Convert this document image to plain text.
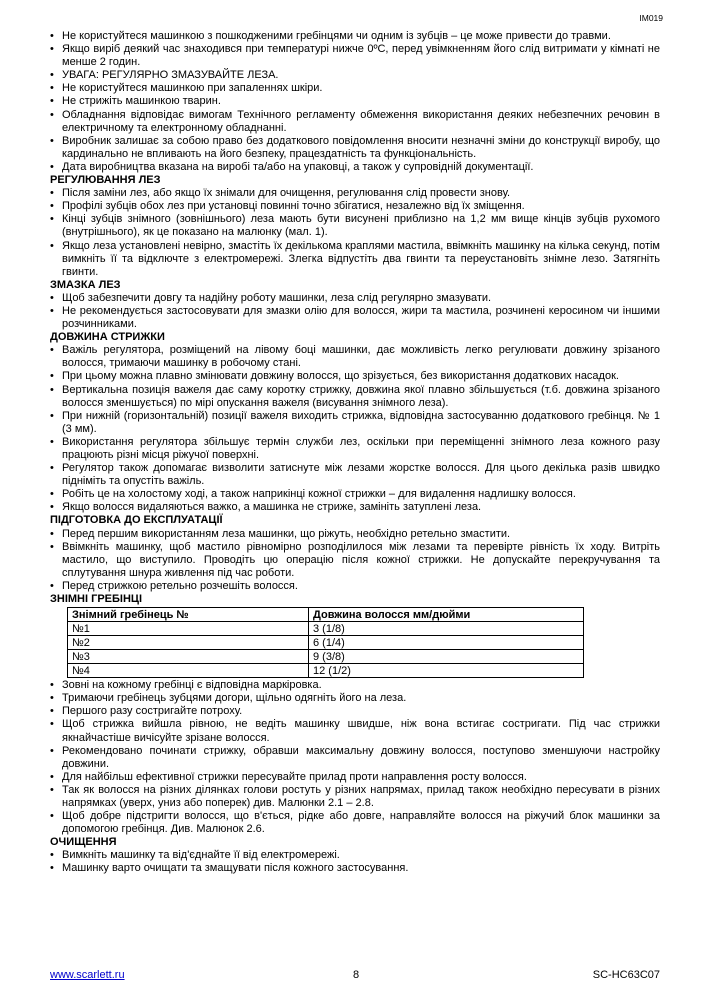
IM019
• Не користуйтеся машинкою з пошкодженими гребінцями чи одним із зубців – це може привести до травми.
• Якщо виріб деякий час знаходився при температурі нижче 0ºC, перед увімкненням його слід витримати у кімнаті не менше 2 годин.
• УВАГА: РЕГУЛЯРНО ЗМАЗУВАЙТЕ ЛЕЗА.
• Не користуйтеся машинкою при запаленнях шкіри.
• Не стрижіть машинкою тварин.
• Обладнання відповідає вимогам Технічного регламенту обмеження використання деяких небезпечних речовин в електричному та електронному обладнанні.
• Виробник залишає за собою право без додаткового повідомлення вносити незначні зміни до конструкції виробу, що кардинально не впливають на його безпеку, працездатність та функціональність.
• Дата виробництва вказана на виробі та/або на упаковці, а також у супровідній документації.
РЕГУЛЮВАННЯ ЛЕЗ
• Після заміни лез, або якщо їх знімали для очищення, регулювання слід провести знову.
• Профілі зубців обох лез при установці повинні точно збігатися, незалежно від їх зміщення.
• Кінці зубців знімного (зовнішнього) леза мають бути висунені приблизно на 1,2 мм вище кінців зубців рухомого (внутрішнього), як це показано на малюнку (мал. 1).
• Якщо леза установлені невірно, змастіть їх декількома краплями мастила, ввімкніть машинку на кілька секунд, потім вимкніть її та відключте з електромережі. Злегка відпустіть два гвинти та переустановіть знімне лезо. Затягніть гвинти.
ЗМАЗКА ЛЕЗ
• Щоб забезпечити довгу та надійну роботу машинки, леза слід регулярно змазувати.
• Не рекомендується застосовувати для змазки олію для волосся, жири та мастила, розчинені керосином чи іншими розчинниками.
ДОВЖИНА СТРИЖКИ
• Важіль регулятора, розміщений на лівому боці машинки, дає можливість легко регулювати довжину зрізаного волосся, тримаючи машинку в робочому стані.
• При цьому можна плавно змінювати довжину волосся, що зрізується, без використання додаткових насадок.
• Вертикальна позиція важеля дає саму коротку стрижку, довжина якої плавно збільшується (т.б. довжина зрізаного волосся зменшується) по мірі опускання важеля (висування знімного леза).
• При нижній (горизонтальній) позиції важеля виходить стрижка, відповідна застосуванню додаткового гребінця. № 1 (3 мм).
• Використання регулятора збільшує термін служби лез, оскільки при переміщенні знімного леза кожного разу працюють різні місця ріжучої поверхні.
• Регулятор також допомагає визволити затиснуте між лезами жорстке волосся. Для цього декілька разів швидко підніміть та опустіть важіль.
• Робіть це на холостому ході, а також наприкінці кожної стрижки – для видалення надлишку волосся.
• Якщо волосся видаляються важко, а машинка не стриже, замініть затуплені леза.
ПІДГОТОВКА ДО ЕКСПЛУАТАЦІЇ
• Перед першим використанням леза машинки, що ріжуть, необхідно ретельно змастити.
• Ввімкніть машинку, щоб мастило рівномірно розподілилося між лезами та перевірте рівність їх ходу. Витріть мастило, що виступило. Проводіть цю операцію після кожної стрижки. Не допускайте перекручування та сплутування шнура живлення під час роботи.
• Перед стрижкою ретельно розчешіть волосся.
ЗНІМНІ ГРЕБІНЦІ
Знімний гребінець №	Довжина волосся мм/дюйми
№1	3 (1/8)
№2	6 (1/4)
№3	9 (3/8)
№4	12 (1/2)
• Зовні на кожному гребінці є відповідна маркіровка.
• Тримаючи гребінець зубцями догори, щільно одягніть його на леза.
• Першого разу состригайте потроху.
• Щоб стрижка вийшла рівною, не ведіть машинку швидше, ніж вона встигає состригати. Під час стрижки якнайчастіше вичісуйте зрізане волосся.
• Рекомендовано починати стрижку, обравши максимальну довжину волосся, поступово зменшуючи настройку довжини.
• Для найбільш ефективної стрижки пересувайте прилад проти направлення росту волосся.
• Так як волосся на різних ділянках голови ростуть у різних напрямах, прилад також необхідно пересувати в різних напрямках (уверх, униз або поперек) див. Малюнки 2.1 – 2.8.
• Щоб добре підстригти волосся, що в'ється, рідке або довге, направляйте волосся на ріжучий блок машинки за допомогою гребінця. Див. Малюнок 2.6.
ОЧИЩЕННЯ
• Вимкніть машинку та від'єднайте її від електромережі.
• Машинку варто очищати та змащувати після кожного застосування.
www.scarlett.ru	8	SC-HC63C07
